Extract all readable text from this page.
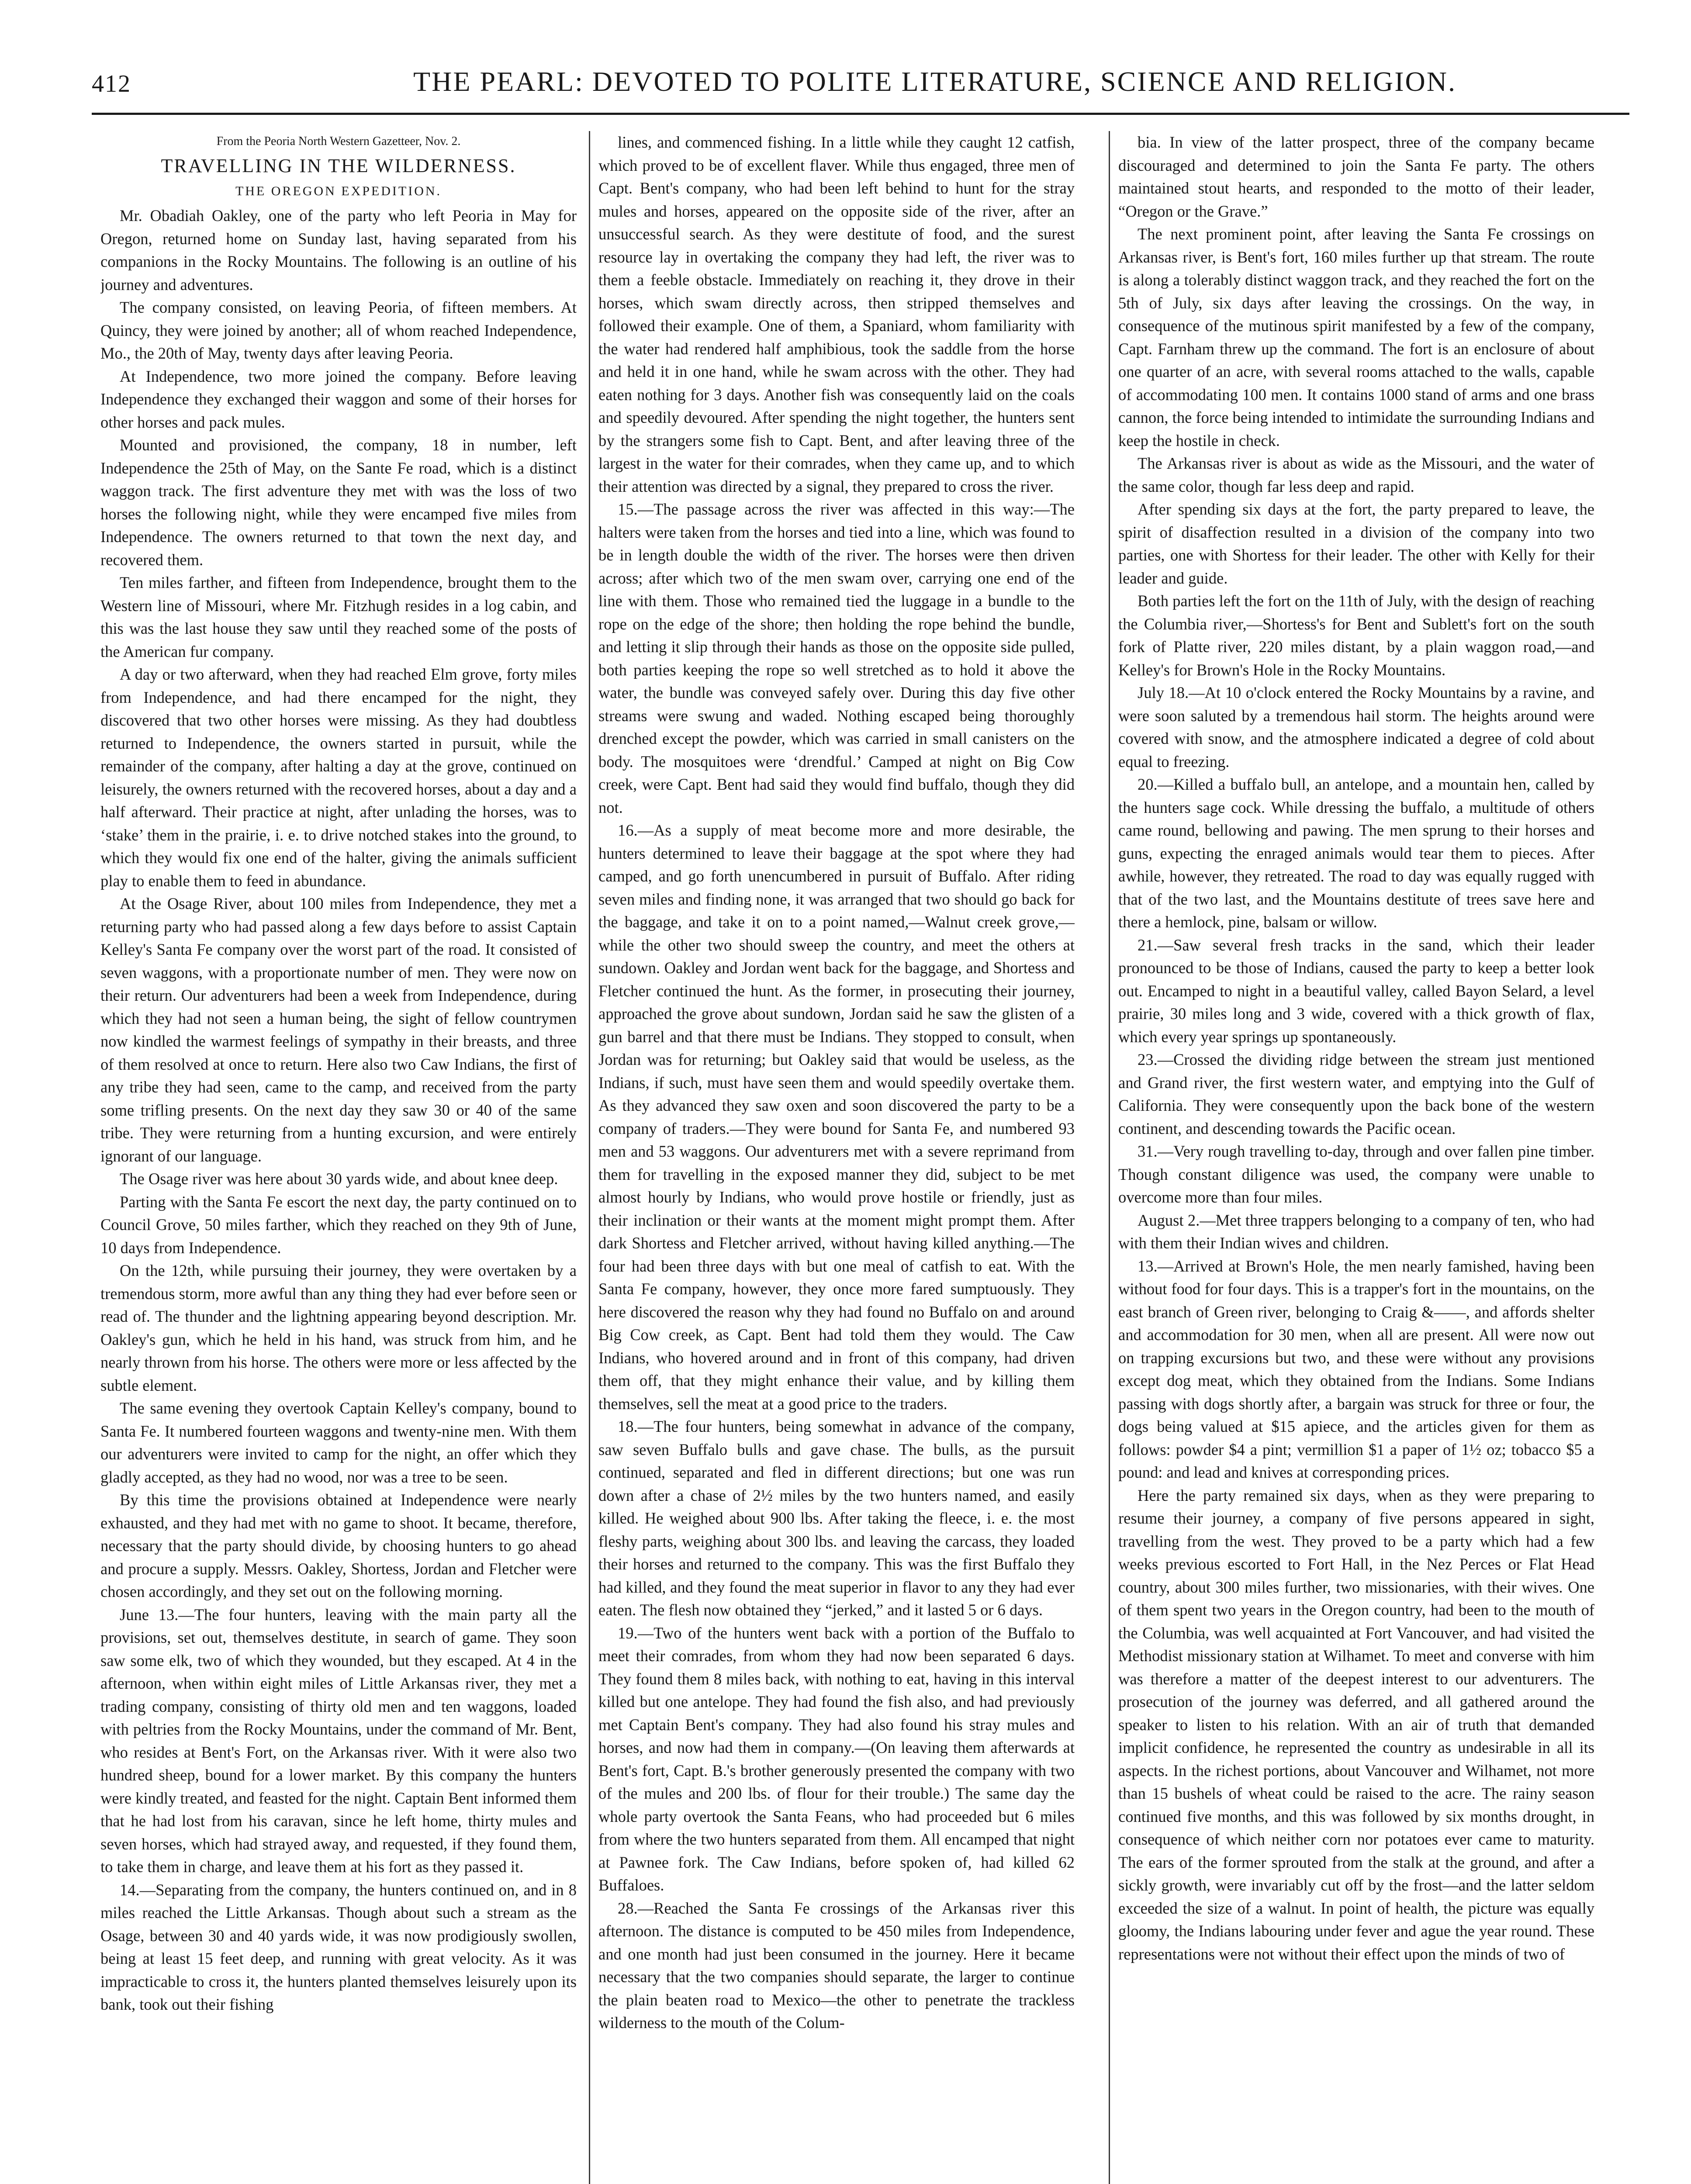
412	THE PEARL: DEVOTED TO POLITE LITERATURE, SCIENCE AND RELIGION.
From the Peoria North Western Gazetteer, Nov. 2.
TRAVELLING IN THE WILDERNESS.
THE OREGON EXPEDITION.

Mr. Obadiah Oakley, one of the party who left Peoria in May for Oregon, returned home on Sunday last, having separated from his companions in the Rocky Mountains. The following is an outline of his journey and adventures.

The company consisted, on leaving Peoria, of fifteen members. At Quincy, they were joined by another; all of whom reached Independence, Mo., the 20th of May, twenty days after leaving Peoria.

At Independence, two more joined the company. Before leaving Independence they exchanged their waggon and some of their horses for other horses and pack mules.

Mounted and provisioned, the company, 18 in number, left Independence the 25th of May, on the Sante Fe road, which is a distinct waggon track. The first adventure they met with was the loss of two horses the following night, while they were encamped five miles from Independence. The owners returned to that town the next day, and recovered them.

Ten miles farther, and fifteen from Independence, brought them to the Western line of Missouri, where Mr. Fitzhugh resides in a log cabin, and this was the last house they saw until they reached some of the posts of the American fur company.

A day or two afterward, when they had reached Elm grove, forty miles from Independence, and had there encamped for the night, they discovered that two other horses were missing. As they had doubtless returned to Independence, the owners started in pursuit, while the remainder of the company, after halting a day at the grove, continued on leisurely, the owners returned with the recovered horses, about a day and a half afterward. Their practice at night, after unlading the horses, was to ‘stake’ them in the prairie, i. e. to drive notched stakes into the ground, to which they would fix one end of the halter, giving the animals sufficient play to enable them to feed in abundance.

At the Osage River, about 100 miles from Independence, they met a returning party who had passed along a few days before to assist Captain Kelley's Santa Fe company over the worst part of the road. It consisted of seven waggons, with a proportionate number of men. They were now on their return. Our adventurers had been a week from Independence, during which they had not seen a human being, the sight of fellow countrymen now kindled the warmest feelings of sympathy in their breasts, and three of them resolved at once to return. Here also two Caw Indians, the first of any tribe they had seen, came to the camp, and received from the party some trifling presents. On the next day they saw 30 or 40 of the same tribe. They were returning from a hunting excursion, and were entirely ignorant of our language.

The Osage river was here about 30 yards wide, and about knee deep.

Parting with the Santa Fe escort the next day, the party continued on to Council Grove, 50 miles farther, which they reached on they 9th of June, 10 days from Independence.

On the 12th, while pursuing their journey, they were overtaken by a tremendous storm, more awful than any thing they had ever before seen or read of. The thunder and the lightning appearing beyond description. Mr. Oakley's gun, which he held in his hand, was struck from him, and he nearly thrown from his horse. The others were more or less affected by the subtle element.

The same evening they overtook Captain Kelley's company, bound to Santa Fe. It numbered fourteen waggons and twenty-nine men. With them our adventurers were invited to camp for the night, an offer which they gladly accepted, as they had no wood, nor was a tree to be seen.

By this time the provisions obtained at Independence were nearly exhausted, and they had met with no game to shoot. It became, therefore, necessary that the party should divide, by choosing hunters to go ahead and procure a supply. Messrs. Oakley, Shortess, Jordan and Fletcher were chosen accordingly, and they set out on the following morning.

June 13.—The four hunters, leaving with the main party all the provisions, set out, themselves destitute, in search of game. They soon saw some elk, two of which they wounded, but they escaped. At 4 in the afternoon, when within eight miles of Little Arkansas river, they met a trading company, consisting of thirty old men and ten waggons, loaded with peltries from the Rocky Mountains, under the command of Mr. Bent, who resides at Bent's Fort, on the Arkansas river. With it were also two hundred sheep, bound for a lower market. By this company the hunters were kindly treated, and feasted for the night. Captain Bent informed them that he had lost from his caravan, since he left home, thirty mules and seven horses, which had strayed away, and requested, if they found them, to take them in charge, and leave them at his fort as they passed it.

14.—Separating from the company, the hunters continued on, and in 8 miles reached the Little Arkansas. Though about such a stream as the Osage, between 30 and 40 yards wide, it was now prodigiously swollen, being at least 15 feet deep, and running with great velocity. As it was impracticable to cross it, the hunters planted themselves leisurely upon its bank, took out their fishing

lines, and commenced fishing. In a little while they caught 12 catfish, which proved to be of excellent flaver. While thus engaged, three men of Capt. Bent's company, who had been left behind to hunt for the stray mules and horses, appeared on the opposite side of the river, after an unsuccessful search. As they were destitute of food, and the surest resource lay in overtaking the company they had left, the river was to them a feeble obstacle. Immediately on reaching it, they drove in their horses, which swam directly across, then stripped themselves and followed their example. One of them, a Spaniard, whom familiarity with the water had rendered half amphibious, took the saddle from the horse and held it in one hand, while he swam across with the other. They had eaten nothing for 3 days. Another fish was consequently laid on the coals and speedily devoured. After spending the night together, the hunters sent by the strangers some fish to Capt. Bent, and after leaving three of the largest in the water for their comrades, when they came up, and to which their attention was directed by a signal, they prepared to cross the river.

15.—The passage across the river was affected in this way:—The halters were taken from the horses and tied into a line, which was found to be in length double the width of the river. The horses were then driven across; after which two of the men swam over, carrying one end of the line with them. Those who remained tied the luggage in a bundle to the rope on the edge of the shore; then holding the rope behind the bundle, and letting it slip through their hands as those on the opposite side pulled, both parties keeping the rope so well stretched as to hold it above the water, the bundle was conveyed safely over. During this day five other streams were swung and waded. Nothing escaped being thoroughly drenched except the powder, which was carried in small canisters on the body. The mosquitoes were ‘drendful.’ Camped at night on Big Cow creek, were Capt. Bent had said they would find buffalo, though they did not.

16.—As a supply of meat become more and more desirable, the hunters determined to leave their baggage at the spot where they had camped, and go forth unencumbered in pursuit of Buffalo. After riding seven miles and finding none, it was arranged that two should go back for the baggage, and take it on to a point named,—Walnut creek grove,—while the other two should sweep the country, and meet the others at sundown. Oakley and Jordan went back for the baggage, and Shortess and Fletcher continued the hunt. As the former, in prosecuting their journey, approached the grove about sundown, Jordan said he saw the glisten of a gun barrel and that there must be Indians. They stopped to consult, when Jordan was for returning; but Oakley said that would be useless, as the Indians, if such, must have seen them and would speedily overtake them. As they advanced they saw oxen and soon discovered the party to be a company of traders.—They were bound for Santa Fe, and numbered 93 men and 53 waggons. Our adventurers met with a severe reprimand from them for travelling in the exposed manner they did, subject to be met almost hourly by Indians, who would prove hostile or friendly, just as their inclination or their wants at the moment might prompt them. After dark Shortess and Fletcher arrived, without having killed anything.—The four had been three days with but one meal of catfish to eat. With the Santa Fe company, however, they once more fared sumptuously. They here discovered the reason why they had found no Buffalo on and around Big Cow creek, as Capt. Bent had told them they would. The Caw Indians, who hovered around and in front of this company, had driven them off, that they might enhance their value, and by killing them themselves, sell the meat at a good price to the traders.

18.—The four hunters, being somewhat in advance of the company, saw seven Buffalo bulls and gave chase. The bulls, as the pursuit continued, separated and fled in different directions; but one was run down after a chase of 2½ miles by the two hunters named, and easily killed. He weighed about 900 lbs. After taking the fleece, i. e. the most fleshy parts, weighing about 300 lbs. and leaving the carcass, they loaded their horses and returned to the company. This was the first Buffalo they had killed, and they found the meat superior in flavor to any they had ever eaten. The flesh now obtained they “jerked,” and it lasted 5 or 6 days.

19.—Two of the hunters went back with a portion of the Buffalo to meet their comrades, from whom they had now been separated 6 days. They found them 8 miles back, with nothing to eat, having in this interval killed but one antelope. They had found the fish also, and had previously met Captain Bent's company. They had also found his stray mules and horses, and now had them in company.—(On leaving them afterwards at Bent's fort, Capt. B.'s brother generously presented the company with two of the mules and 200 lbs. of flour for their trouble.) The same day the whole party overtook the Santa Feans, who had proceeded but 6 miles from where the two hunters separated from them. All encamped that night at Pawnee fork. The Caw Indians, before spoken of, had killed 62 Buffaloes.

28.—Reached the Santa Fe crossings of the Arkansas river this afternoon. The distance is computed to be 450 miles from Independence, and one month had just been consumed in the journey. Here it became necessary that the two companies should separate, the larger to continue the plain beaten road to Mexico—the other to penetrate the trackless wilderness to the mouth of the Colum-

bia. In view of the latter prospect, three of the company became discouraged and determined to join the Santa Fe party. The others maintained stout hearts, and responded to the motto of their leader, “Oregon or the Grave.”

The next prominent point, after leaving the Santa Fe crossings on Arkansas river, is Bent's fort, 160 miles further up that stream. The route is along a tolerably distinct waggon track, and they reached the fort on the 5th of July, six days after leaving the crossings. On the way, in consequence of the mutinous spirit manifested by a few of the company, Capt. Farnham threw up the command. The fort is an enclosure of about one quarter of an acre, with several rooms attached to the walls, capable of accommodating 100 men. It contains 1000 stand of arms and one brass cannon, the force being intended to intimidate the surrounding Indians and keep the hostile in check.

The Arkansas river is about as wide as the Missouri, and the water of the same color, though far less deep and rapid.

After spending six days at the fort, the party prepared to leave, the spirit of disaffection resulted in a division of the company into two parties, one with Shortess for their leader. The other with Kelly for their leader and guide.

Both parties left the fort on the 11th of July, with the design of reaching the Columbia river,—Shortess's for Bent and Sublett's fort on the south fork of Platte river, 220 miles distant, by a plain waggon road,—and Kelley's for Brown's Hole in the Rocky Mountains.

July 18.—At 10 o'clock entered the Rocky Mountains by a ravine, and were soon saluted by a tremendous hail storm. The heights around were covered with snow, and the atmosphere indicated a degree of cold about equal to freezing.

20.—Killed a buffalo bull, an antelope, and a mountain hen, called by the hunters sage cock. While dressing the buffalo, a multitude of others came round, bellowing and pawing. The men sprung to their horses and guns, expecting the enraged animals would tear them to pieces. After awhile, however, they retreated. The road to day was equally rugged with that of the two last, and the Mountains destitute of trees save here and there a hemlock, pine, balsam or willow.

21.—Saw several fresh tracks in the sand, which their leader pronounced to be those of Indians, caused the party to keep a better look out. Encamped to night in a beautiful valley, called Bayon Selard, a level prairie, 30 miles long and 3 wide, covered with a thick growth of flax, which every year springs up spontaneously.

23.—Crossed the dividing ridge between the stream just mentioned and Grand river, the first western water, and emptying into the Gulf of California. They were consequently upon the back bone of the western continent, and descending towards the Pacific ocean.

31.—Very rough travelling to-day, through and over fallen pine timber. Though constant diligence was used, the company were unable to overcome more than four miles.

August 2.—Met three trappers belonging to a company of ten, who had with them their Indian wives and children.

13.—Arrived at Brown's Hole, the men nearly famished, having been without food for four days. This is a trapper's fort in the mountains, on the east branch of Green river, belonging to Craig &——, and affords shelter and accommodation for 30 men, when all are present. All were now out on trapping excursions but two, and these were without any provisions except dog meat, which they obtained from the Indians. Some Indians passing with dogs shortly after, a bargain was struck for three or four, the dogs being valued at $15 apiece, and the articles given for them as follows: powder $4 a pint; vermillion $1 a paper of 1½ oz; tobacco $5 a pound: and lead and knives at corresponding prices.

Here the party remained six days, when as they were preparing to resume their journey, a company of five persons appeared in sight, travelling from the west. They proved to be a party which had a few weeks previous escorted to Fort Hall, in the Nez Perces or Flat Head country, about 300 miles further, two missionaries, with their wives. One of them spent two years in the Oregon country, had been to the mouth of the Columbia, was well acquainted at Fort Vancouver, and had visited the Methodist missionary station at Wilhamet. To meet and converse with him was therefore a matter of the deepest interest to our adventurers. The prosecution of the journey was deferred, and all gathered around the speaker to listen to his relation. With an air of truth that demanded implicit confidence, he represented the country as undesirable in all its aspects. In the richest portions, about Vancouver and Wilhamet, not more than 15 bushels of wheat could be raised to the acre. The rainy season continued five months, and this was followed by six months drought, in consequence of which neither corn nor potatoes ever came to maturity. The ears of the former sprouted from the stalk at the ground, and after a sickly growth, were invariably cut off by the frost—and the latter seldom exceeded the size of a walnut. In point of health, the picture was equally gloomy, the Indians labouring under fever and ague the year round. These representations were not without their effect upon the minds of two of
